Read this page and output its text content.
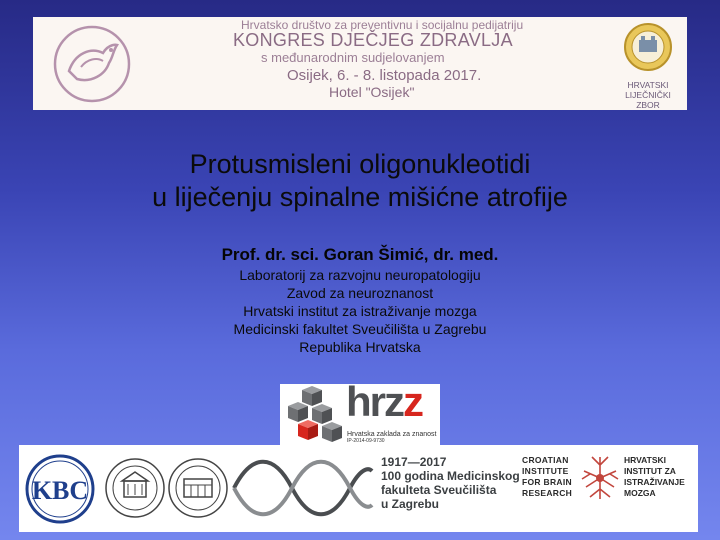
Hrvatsko društvo za preventivnu i socijalnu pedijatriju
KONGRES DJEČJEG ZDRAVLJA
s međunarodnim sudjelovanjem
Osijek, 6. - 8. listopada 2017.
Hotel "Osijek"	HRVATSKI
LIJEČNIČKI ZBOR
Protusmisleni oligonukleotidi
u liječenju spinalne mišićne atrofije
Prof. dr. sci. Goran Šimić, dr. med.
Laboratorij za razvojnu neuropatologiju
Zavod za neuroznanost
Hrvatski institut za istraživanje mozga
Medicinski fakultet Sveučilišta u Zagrebu
Republika Hrvatska
hrzz
Hrvatska zaklada za znanost
IP-2014-09-9730
KBC
1917—2017
100 godina Medicinskog
fakulteta Sveučilišta
u Zagrebu
CROATIAN
INSTITUTE
FOR BRAIN
RESEARCH
HRVATSKI
INSTITUT ZA
ISTRAŽIVANJE
MOZGA
